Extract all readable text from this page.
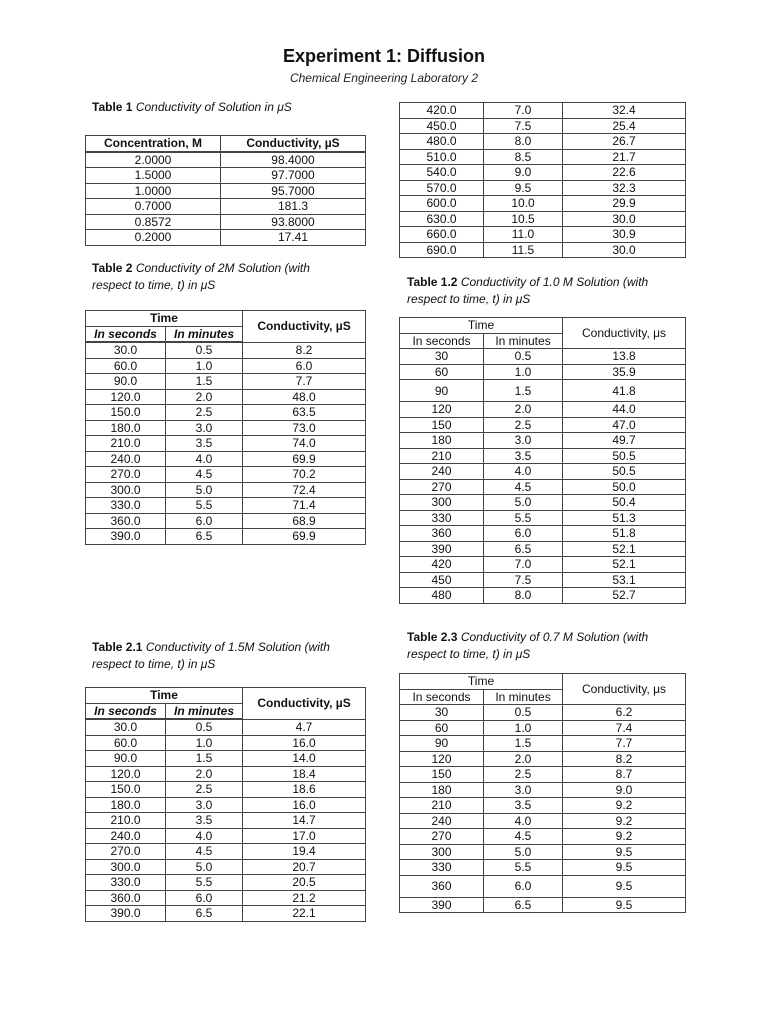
Experiment 1: Diffusion
Chemical Engineering Laboratory 2
Table 1 Conductivity of Solution in μS
Concentration, M	Conductivity, µS
2.0000	98.4000
1.5000	97.7000
1.0000	95.7000
0.7000	181.3
0.8572	93.8000
0.2000	17.41
Table 2 Conductivity of 2M Solution (with respect to time, t) in μS
Time		Conductivity, µS
In seconds	In minutes	
30.0	0.5	8.2
60.0	1.0	6.0
90.0	1.5	7.7
120.0	2.0	48.0
150.0	2.5	63.5
180.0	3.0	73.0
210.0	3.5	74.0
240.0	4.0	69.9
270.0	4.5	70.2
300.0	5.0	72.4
330.0	5.5	71.4
360.0	6.0	68.9
390.0	6.5	69.9
420.0	7.0	32.4
450.0	7.5	25.4
480.0	8.0	26.7
510.0	8.5	21.7
540.0	9.0	22.6
570.0	9.5	32.3
600.0	10.0	29.9
630.0	10.5	30.0
660.0	11.0	30.9
690.0	11.5	30.0
Table 1.2 Conductivity of 1.0 M Solution (with respect to time, t) in μS
Time		Conductivity, μs
In seconds	In minutes	
30	0.5	13.8
60	1.0	35.9
90	1.5	41.8
120	2.0	44.0
150	2.5	47.0
180	3.0	49.7
210	3.5	50.5
240	4.0	50.5
270	4.5	50.0
300	5.0	50.4
330	5.5	51.3
360	6.0	51.8
390	6.5	52.1
420	7.0	52.1
450	7.5	53.1
480	8.0	52.7
Table 2.1 Conductivity of 1.5M Solution (with respect to time, t) in μS
Time		Conductivity, µS
In seconds	In minutes	
30.0	0.5	4.7
60.0	1.0	16.0
90.0	1.5	14.0
120.0	2.0	18.4
150.0	2.5	18.6
180.0	3.0	16.0
210.0	3.5	14.7
240.0	4.0	17.0
270.0	4.5	19.4
300.0	5.0	20.7
330.0	5.5	20.5
360.0	6.0	21.2
390.0	6.5	22.1
Table 2.3 Conductivity of 0.7 M Solution (with respect to time, t) in μS
Time		Conductivity, μs
In seconds	In minutes	
30	0.5	6.2
60	1.0	7.4
90	1.5	7.7
120	2.0	8.2
150	2.5	8.7
180	3.0	9.0
210	3.5	9.2
240	4.0	9.2
270	4.5	9.2
300	5.0	9.5
330	5.5	9.5
360	6.0	9.5
390	6.5	9.5
